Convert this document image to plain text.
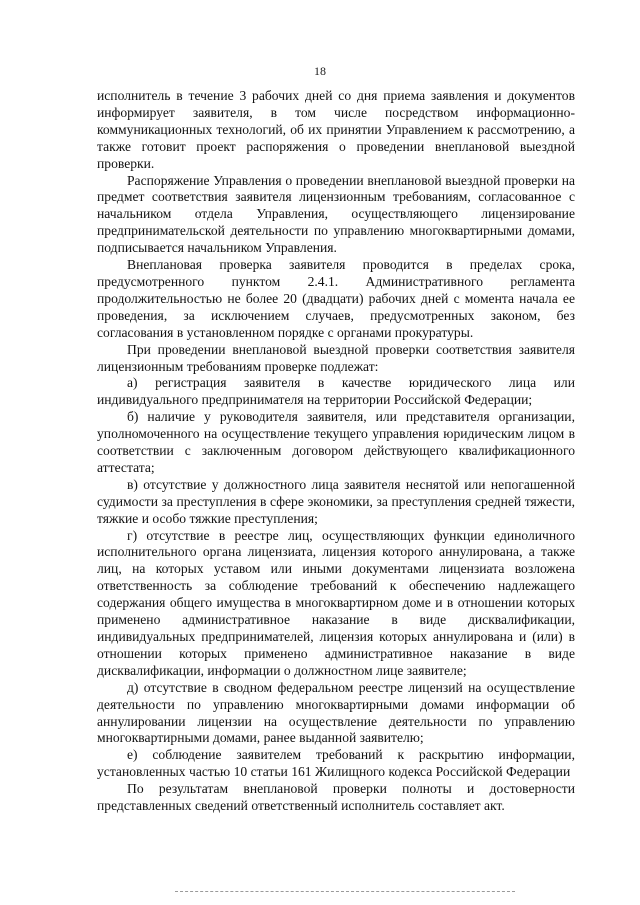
18

исполнитель в течение 3 рабочих дней со дня приема заявления и документов информирует заявителя, в том числе посредством информационно-коммуникационных технологий, об их принятии Управлением к рассмотрению, а также готовит проект распоряжения о проведении внеплановой выездной проверки.

Распоряжение Управления о проведении внеплановой выездной проверки на предмет соответствия заявителя лицензионным требованиям, согласованное с начальником отдела Управления, осуществляющего лицензирование предпринимательской деятельности по управлению многоквартирными домами, подписывается начальником Управления.

Внеплановая проверка заявителя проводится в пределах срока, предусмотренного пунктом 2.4.1. Административного регламента продолжительностью не более 20 (двадцати) рабочих дней с момента начала ее проведения, за исключением случаев, предусмотренных законом, без согласования в установленном порядке с органами прокуратуры.

При проведении внеплановой выездной проверки соответствия заявителя лицензионным требованиям проверке подлежат:

а) регистрация заявителя в качестве юридического лица или индивидуального предпринимателя на территории Российской Федерации;

б) наличие у руководителя заявителя, или представителя организации, уполномоченного на осуществление текущего управления юридическим лицом в соответствии с заключенным договором действующего квалификационного аттестата;

в) отсутствие у должностного лица заявителя неснятой или непогашенной судимости за преступления в сфере экономики, за преступления средней тяжести, тяжкие и особо тяжкие преступления;

г) отсутствие в реестре лиц, осуществляющих функции единоличного исполнительного органа лицензиата, лицензия которого аннулирована, а также лиц, на которых уставом или иными документами лицензиата возложена ответственность за соблюдение требований к обеспечению надлежащего содержания общего имущества в многоквартирном доме и в отношении которых применено административное наказание в виде дисквалификации, индивидуальных предпринимателей, лицензия которых аннулирована и (или) в отношении которых применено административное наказание в виде дисквалификации, информации о должностном лице заявителе;

д) отсутствие в сводном федеральном реестре лицензий на осуществление деятельности по управлению многоквартирными домами информации об аннулировании лицензии на осуществление деятельности по управлению многоквартирными домами, ранее выданной заявителю;

е) соблюдение заявителем требований к раскрытию информации, установленных частью 10 статьи 161 Жилищного кодекса Российской Федерации

По результатам внеплановой проверки полноты и достоверности представленных сведений ответственный исполнитель составляет акт.
